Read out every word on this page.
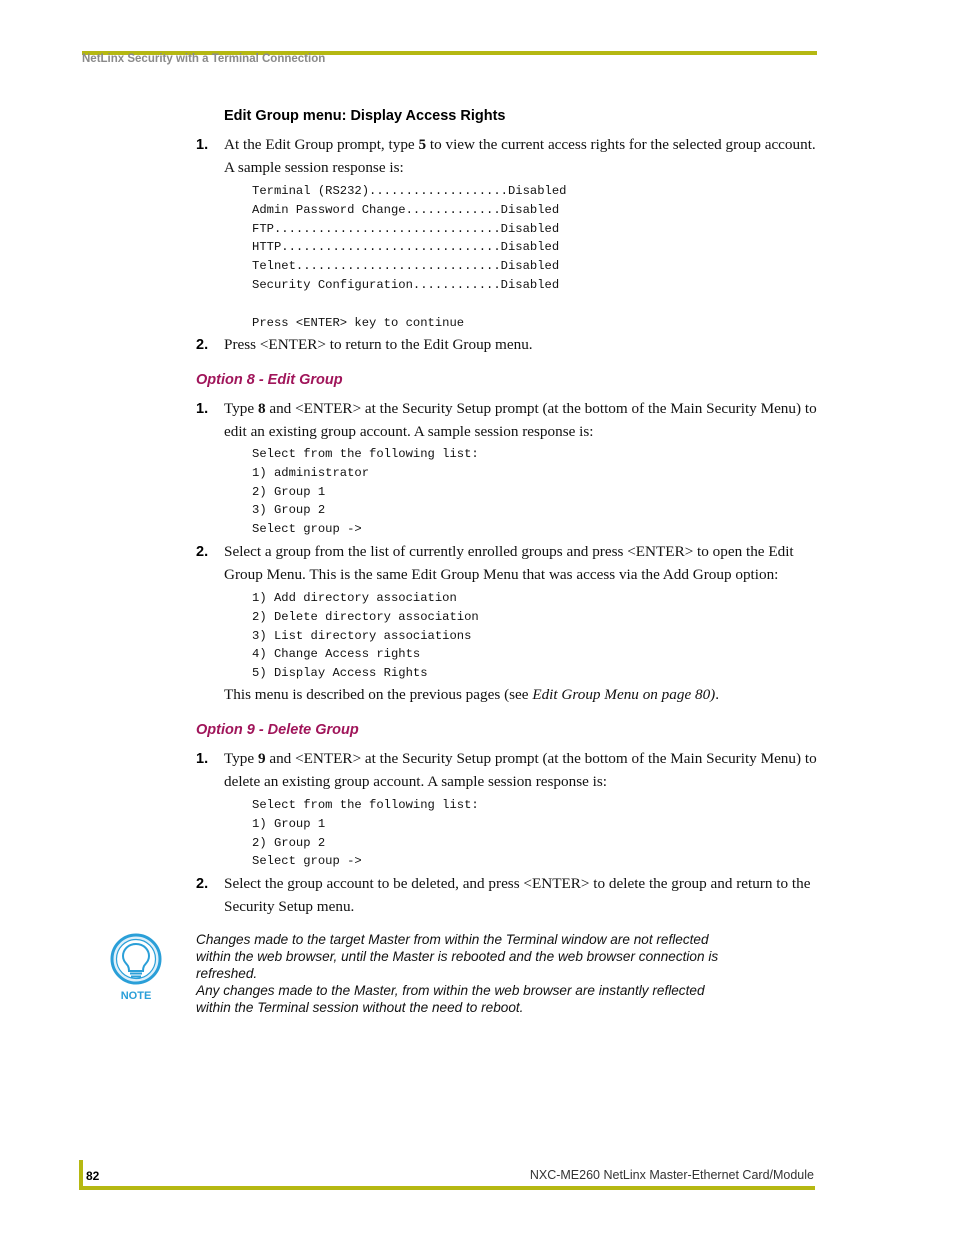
NetLinx Security with a Terminal Connection
Edit Group menu: Display Access Rights
1. At the Edit Group prompt, type 5 to view the current access rights for the selected group account. A sample session response is:
Terminal (RS232)...................Disabled
Admin Password Change.............Disabled
FTP...............................Disabled
HTTP..............................Disabled
Telnet............................Disabled
Security Configuration............Disabled

Press <ENTER> key to continue
2. Press <ENTER> to return to the Edit Group menu.
Option 8 - Edit Group
1. Type 8 and <ENTER> at the Security Setup prompt (at the bottom of the Main Security Menu) to edit an existing group account. A sample session response is:
Select from the following list:
1) administrator
2) Group 1
3) Group 2
Select group ->
2. Select a group from the list of currently enrolled groups and press <ENTER> to open the Edit Group Menu. This is the same Edit Group Menu that was access via the Add Group option:
1) Add directory association
2) Delete directory association
3) List directory associations
4) Change Access rights
5) Display Access Rights
This menu is described on the previous pages (see Edit Group Menu on page 80).
Option 9 - Delete Group
1. Type 9 and <ENTER> at the Security Setup prompt (at the bottom of the Main Security Menu) to delete an existing group account. A sample session response is:
Select from the following list:
1) Group 1
2) Group 2
Select group ->
2. Select the group account to be deleted, and press <ENTER> to delete the group and return to the Security Setup menu.
NOTE

Changes made to the target Master from within the Terminal window are not reflected within the web browser, until the Master is rebooted and the web browser connection is refreshed.

Any changes made to the Master, from within the web browser are instantly reflected within the Terminal session without the need to reboot.

82	NXC-ME260 NetLinx Master-Ethernet Card/Module
